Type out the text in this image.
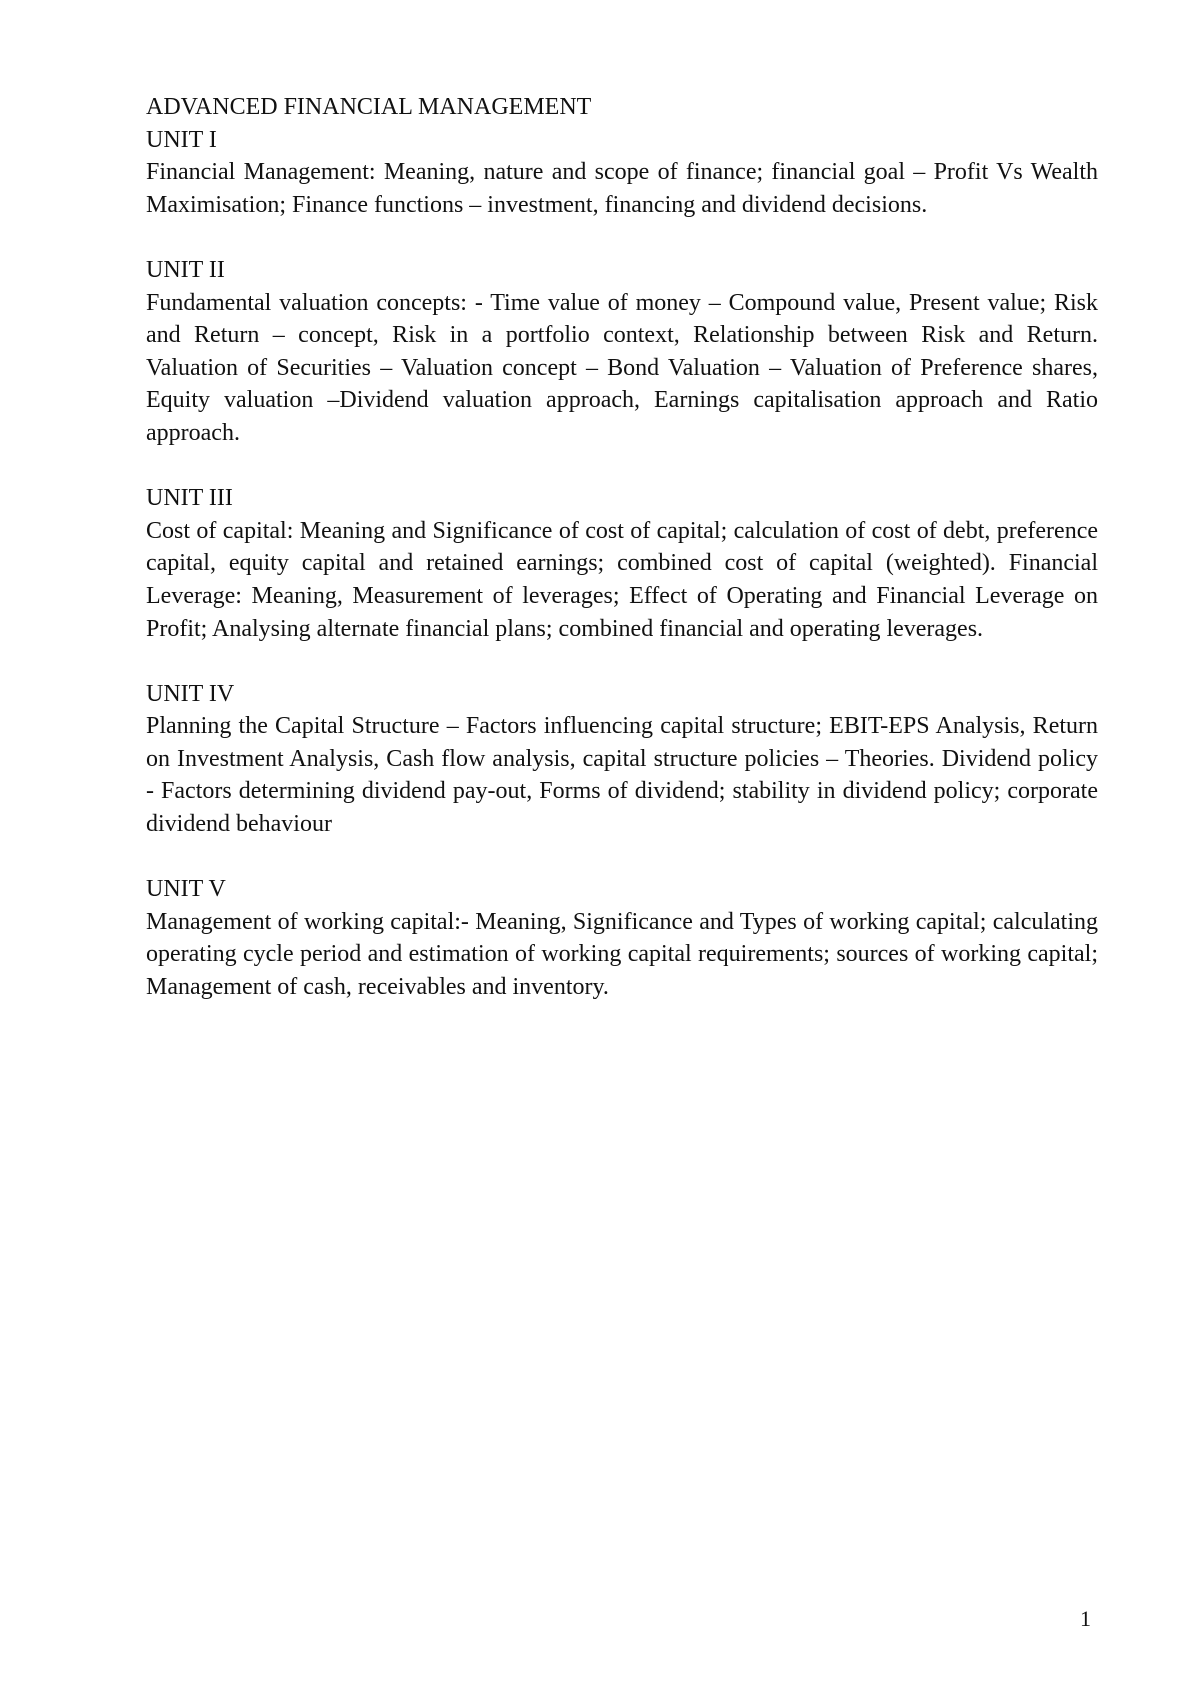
ADVANCED FINANCIAL MANAGEMENT
UNIT I

Financial Management: Meaning, nature and scope of finance; financial goal – Profit Vs Wealth Maximisation; Finance functions – investment, financing and dividend decisions.

UNIT II

Fundamental valuation concepts: - Time value of money – Compound value, Present value; Risk and Return – concept, Risk in a portfolio context, Relationship between Risk and Return. Valuation of Securities – Valuation concept – Bond Valuation – Valuation of Preference shares, Equity valuation –Dividend valuation approach, Earnings capitalisation approach and Ratio approach.

UNIT III

Cost of capital: Meaning and Significance of cost of capital; calculation of cost of debt, preference capital, equity capital and retained earnings; combined cost of capital (weighted). Financial Leverage: Meaning, Measurement of leverages; Effect of Operating and Financial Leverage on Profit; Analysing alternate financial plans; combined financial and operating leverages.

UNIT IV

Planning the Capital Structure – Factors influencing capital structure; EBIT-EPS Analysis, Return on Investment Analysis, Cash flow analysis, capital structure policies – Theories. Dividend policy - Factors determining dividend pay-out, Forms of dividend; stability in dividend policy; corporate dividend behaviour

UNIT V

Management of working capital:- Meaning, Significance and Types of working capital; calculating operating cycle period and estimation of working capital requirements; sources of working capital; Management of cash, receivables and inventory.

1
